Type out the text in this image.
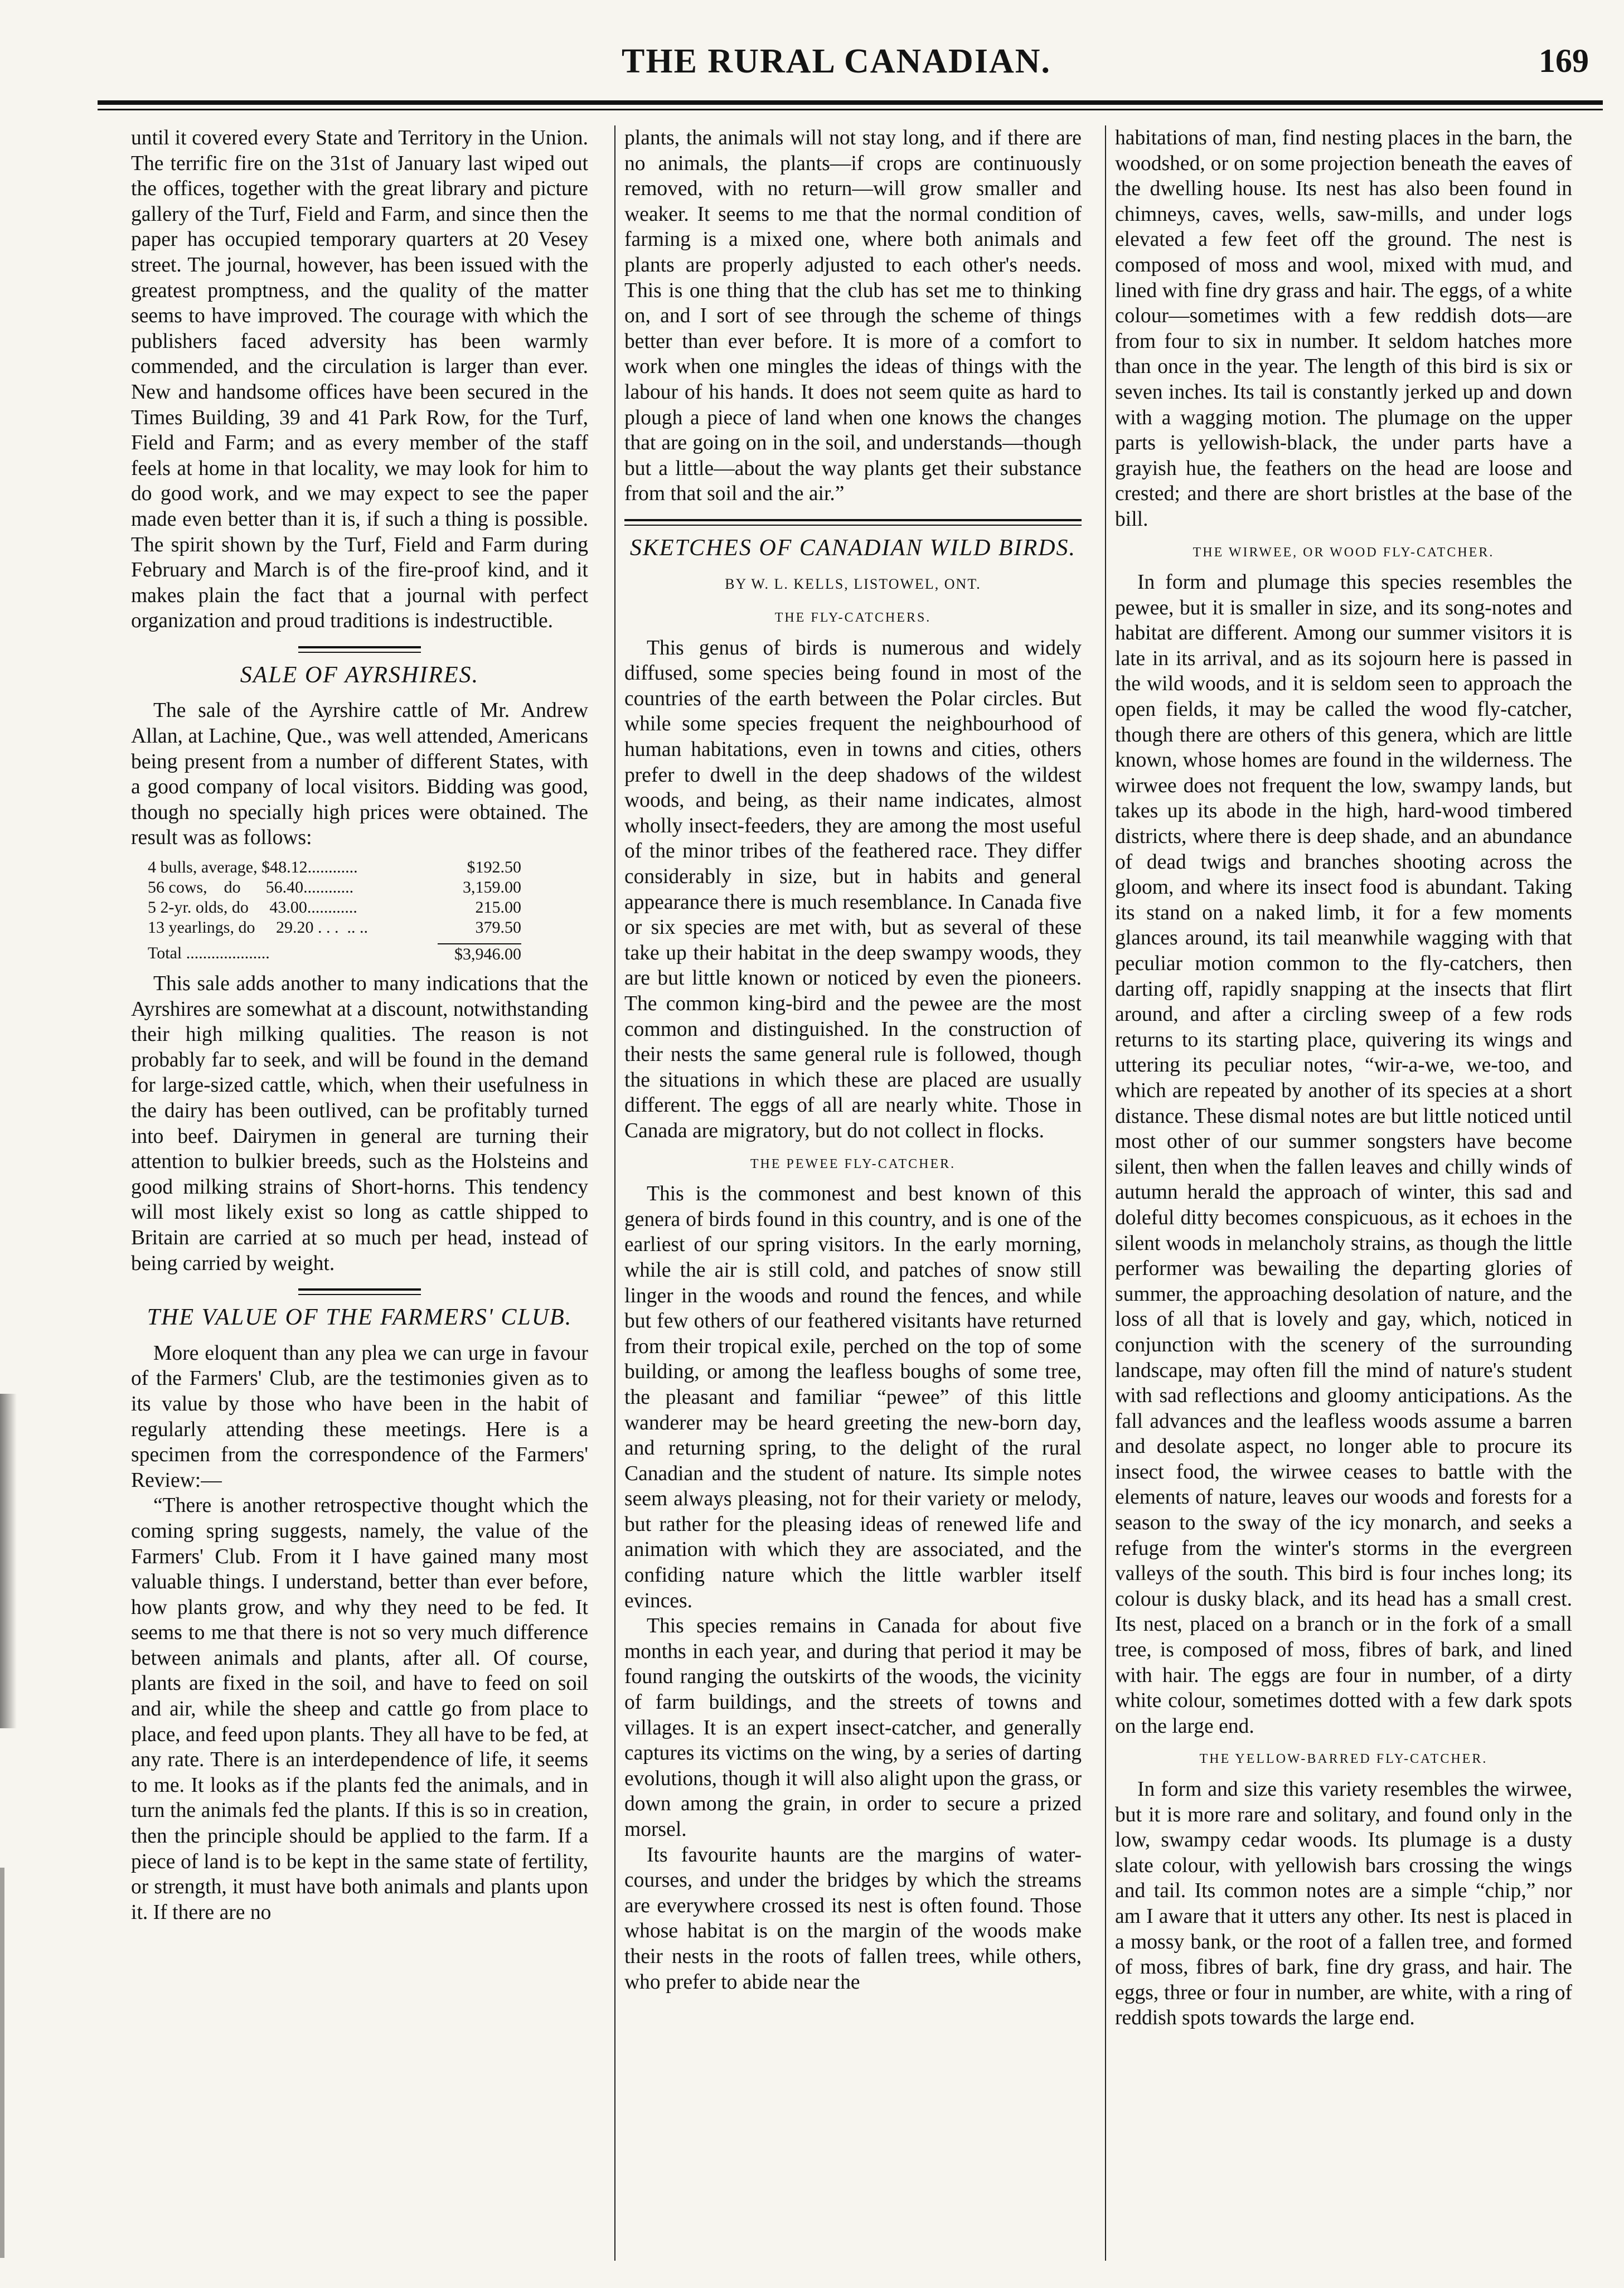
THE RURAL CANADIAN.	169

until it covered every State and Territory in the Union. The terrific fire on the 31st of January last wiped out the offices, together with the great library and picture gallery of the Turf, Field and Farm, and since then the paper has occupied temporary quarters at 20 Vesey street. The journal, however, has been issued with the greatest promptness, and the quality of the matter seems to have improved. The courage with which the publishers faced adversity has been warmly commended, and the circulation is larger than ever. New and handsome offices have been secured in the Times Building, 39 and 41 Park Row, for the Turf, Field and Farm; and as every member of the staff feels at home in that locality, we may look for him to do good work, and we may expect to see the paper made even better than it is, if such a thing is possible. The spirit shown by the Turf, Field and Farm during February and March is of the fire-proof kind, and it makes plain the fact that a journal with perfect organization and proud traditions is indestructible.

SALE OF AYRSHIRES.

The sale of the Ayrshire cattle of Mr. Andrew Allan, at Lachine, Que., was well attended, Americans being present from a number of different States, with a good company of local visitors. Bidding was good, though no specially high prices were obtained. The result was as follows:

4 bulls, average, $48.12............	$192.50
56 cows,    do      56.40............	3,159.00
5 2-yr. olds, do     43.00............	215.00
13 yearlings, do     29.20 . . .  .. ..	379.50
Total ....................	$3,946.00

This sale adds another to many indications that the Ayrshires are somewhat at a discount, notwithstanding their high milking qualities. The reason is not probably far to seek, and will be found in the demand for large-sized cattle, which, when their usefulness in the dairy has been outlived, can be profitably turned into beef. Dairymen in general are turning their attention to bulkier breeds, such as the Holsteins and good milking strains of Short-horns. This tendency will most likely exist so long as cattle shipped to Britain are carried at so much per head, instead of being carried by weight.

THE VALUE OF THE FARMERS' CLUB.

More eloquent than any plea we can urge in favour of the Farmers' Club, are the testimonies given as to its value by those who have been in the habit of regularly attending these meetings. Here is a specimen from the correspondence of the Farmers' Review:—

“There is another retrospective thought which the coming spring suggests, namely, the value of the Farmers' Club. From it I have gained many most valuable things. I understand, better than ever before, how plants grow, and why they need to be fed. It seems to me that there is not so very much difference between animals and plants, after all. Of course, plants are fixed in the soil, and have to feed on soil and air, while the sheep and cattle go from place to place, and feed upon plants. They all have to be fed, at any rate. There is an interdependence of life, it seems to me. It looks as if the plants fed the animals, and in turn the animals fed the plants. If this is so in creation, then the principle should be applied to the farm. If a piece of land is to be kept in the same state of fertility, or strength, it must have both animals and plants upon it. If there are no

plants, the animals will not stay long, and if there are no animals, the plants—if crops are continuously removed, with no return—will grow smaller and weaker. It seems to me that the normal condition of farming is a mixed one, where both animals and plants are properly adjusted to each other's needs. This is one thing that the club has set me to thinking on, and I sort of see through the scheme of things better than ever before. It is more of a comfort to work when one mingles the ideas of things with the labour of his hands. It does not seem quite as hard to plough a piece of land when one knows the changes that are going on in the soil, and understands—though but a little—about the way plants get their substance from that soil and the air.”

SKETCHES OF CANADIAN WILD BIRDS.
BY W. L. KELLS, LISTOWEL, ONT.
THE FLY-CATCHERS.

This genus of birds is numerous and widely diffused, some species being found in most of the countries of the earth between the Polar circles. But while some species frequent the neighbourhood of human habitations, even in towns and cities, others prefer to dwell in the deep shadows of the wildest woods, and being, as their name indicates, almost wholly insect-feeders, they are among the most useful of the minor tribes of the feathered race. They differ considerably in size, but in habits and general appearance there is much resemblance. In Canada five or six species are met with, but as several of these take up their habitat in the deep swampy woods, they are but little known or noticed by even the pioneers. The common king-bird and the pewee are the most common and distinguished. In the construction of their nests the same general rule is followed, though the situations in which these are placed are usually different. The eggs of all are nearly white. Those in Canada are migratory, but do not collect in flocks.

THE PEWEE FLY-CATCHER.

This is the commonest and best known of this genera of birds found in this country, and is one of the earliest of our spring visitors. In the early morning, while the air is still cold, and patches of snow still linger in the woods and round the fences, and while but few others of our feathered visitants have returned from their tropical exile, perched on the top of some building, or among the leafless boughs of some tree, the pleasant and familiar “pewee” of this little wanderer may be heard greeting the new-born day, and returning spring, to the delight of the rural Canadian and the student of nature. Its simple notes seem always pleasing, not for their variety or melody, but rather for the pleasing ideas of renewed life and animation with which they are associated, and the confiding nature which the little warbler itself evinces.

This species remains in Canada for about five months in each year, and during that period it may be found ranging the outskirts of the woods, the vicinity of farm buildings, and the streets of towns and villages. It is an expert insect-catcher, and generally captures its victims on the wing, by a series of darting evolutions, though it will also alight upon the grass, or down among the grain, in order to secure a prized morsel.

Its favourite haunts are the margins of water-courses, and under the bridges by which the streams are everywhere crossed its nest is often found. Those whose habitat is on the margin of the woods make their nests in the roots of fallen trees, while others, who prefer to abide near the

habitations of man, find nesting places in the barn, the woodshed, or on some projection beneath the eaves of the dwelling house. Its nest has also been found in chimneys, caves, wells, saw-mills, and under logs elevated a few feet off the ground. The nest is composed of moss and wool, mixed with mud, and lined with fine dry grass and hair. The eggs, of a white colour—sometimes with a few reddish dots—are from four to six in number. It seldom hatches more than once in the year. The length of this bird is six or seven inches. Its tail is constantly jerked up and down with a wagging motion. The plumage on the upper parts is yellowish-black, the under parts have a grayish hue, the feathers on the head are loose and crested; and there are short bristles at the base of the bill.

THE WIRWEE, OR WOOD FLY-CATCHER.

In form and plumage this species resembles the pewee, but it is smaller in size, and its song-notes and habitat are different. Among our summer visitors it is late in its arrival, and as its sojourn here is passed in the wild woods, and it is seldom seen to approach the open fields, it may be called the wood fly-catcher, though there are others of this genera, which are little known, whose homes are found in the wilderness. The wirwee does not frequent the low, swampy lands, but takes up its abode in the high, hard-wood timbered districts, where there is deep shade, and an abundance of dead twigs and branches shooting across the gloom, and where its insect food is abundant. Taking its stand on a naked limb, it for a few moments glances around, its tail meanwhile wagging with that peculiar motion common to the fly-catchers, then darting off, rapidly snapping at the insects that flirt around, and after a circling sweep of a few rods returns to its starting place, quivering its wings and uttering its peculiar notes, “wir-a-we, we-too, and which are repeated by another of its species at a short distance. These dismal notes are but little noticed until most other of our summer songsters have become silent, then when the fallen leaves and chilly winds of autumn herald the approach of winter, this sad and doleful ditty becomes conspicuous, as it echoes in the silent woods in melancholy strains, as though the little performer was bewailing the departing glories of summer, the approaching desolation of nature, and the loss of all that is lovely and gay, which, noticed in conjunction with the scenery of the surrounding landscape, may often fill the mind of nature's student with sad reflections and gloomy anticipations. As the fall advances and the leafless woods assume a barren and desolate aspect, no longer able to procure its insect food, the wirwee ceases to battle with the elements of nature, leaves our woods and forests for a season to the sway of the icy monarch, and seeks a refuge from the winter's storms in the evergreen valleys of the south. This bird is four inches long; its colour is dusky black, and its head has a small crest. Its nest, placed on a branch or in the fork of a small tree, is composed of moss, fibres of bark, and lined with hair. The eggs are four in number, of a dirty white colour, sometimes dotted with a few dark spots on the large end.

THE YELLOW-BARRED FLY-CATCHER.

In form and size this variety resembles the wirwee, but it is more rare and solitary, and found only in the low, swampy cedar woods. Its plumage is a dusty slate colour, with yellowish bars crossing the wings and tail. Its common notes are a simple “chip,” nor am I aware that it utters any other. Its nest is placed in a mossy bank, or the root of a fallen tree, and formed of moss, fibres of bark, fine dry grass, and hair. The eggs, three or four in number, are white, with a ring of reddish spots towards the large end.
